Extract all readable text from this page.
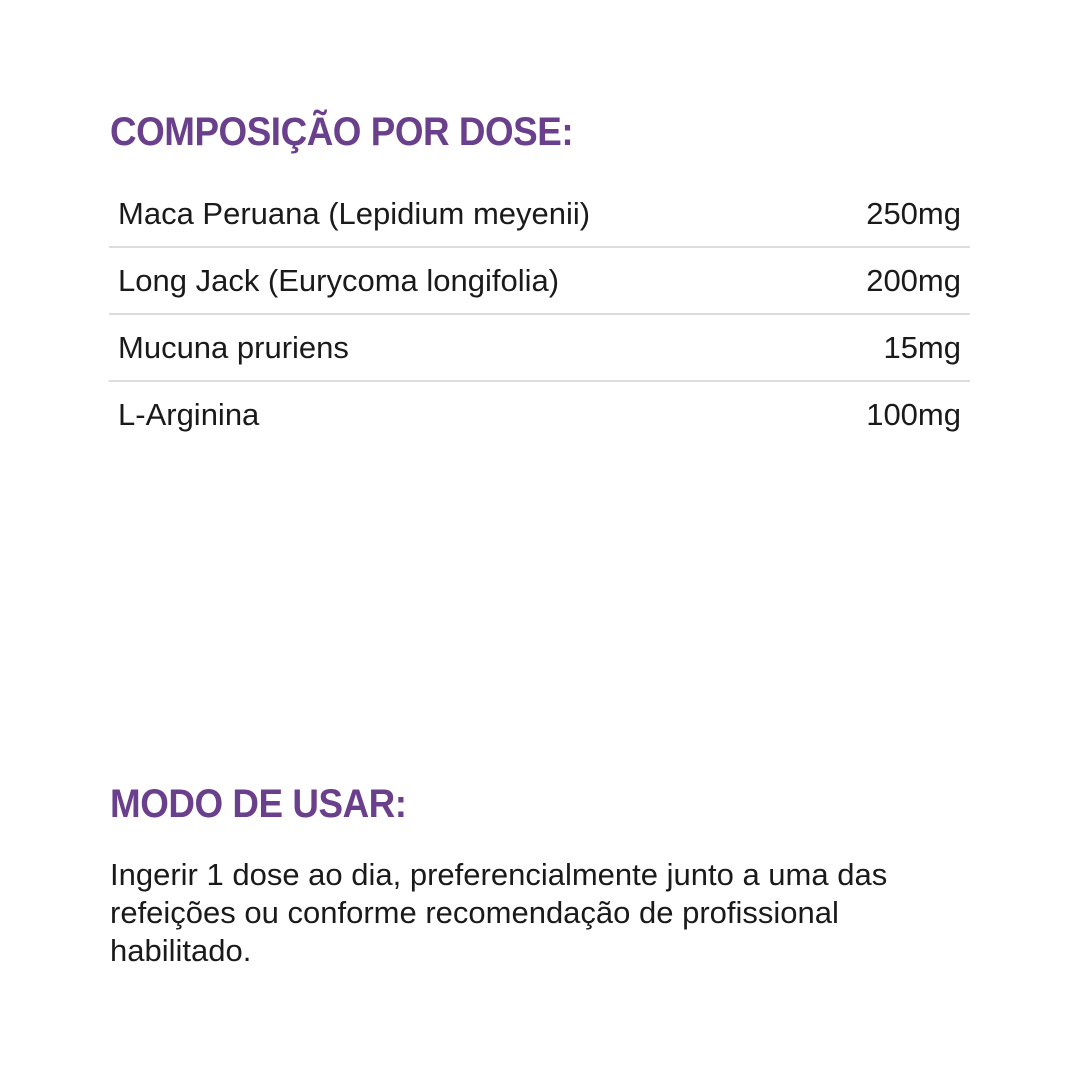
COMPOSIÇÃO POR DOSE:
Maca Peruana (Lepidium meyenii)	250mg
Long Jack (Eurycoma longifolia)	200mg
Mucuna pruriens	15mg
L-Arginina	100mg
MODO DE USAR:

Ingerir 1 dose ao dia, preferencialmente junto a uma das refeições ou conforme recomendação de profissional habilitado.
